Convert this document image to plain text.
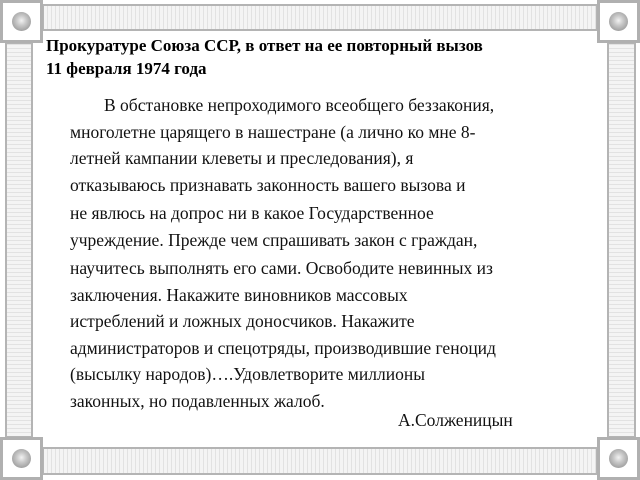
Прокуратуре Союза ССР, в ответ на ее повторный вызов
11 февраля 1974 года
В обстановке непроходимого всеобщего беззакония,
многолетне царящего в нашестране (а лично ко мне 8-
летней кампании клеветы и преследования), я
отказываюсь признавать законность вашего вызова и
не явлюсь на допрос ни в какое Государственное
учреждение. Прежде чем спрашивать закон с граждан,
научитесь выполнять его сами. Освободите невинных из
заключения. Накажите виновников массовых
истреблений и ложных доносчиков. Накажите
администраторов и спецотряды, производившие геноцид
(высылку народов)….Удовлетворите миллионы
законных, но подавленных жалоб.
А.Солженицын
